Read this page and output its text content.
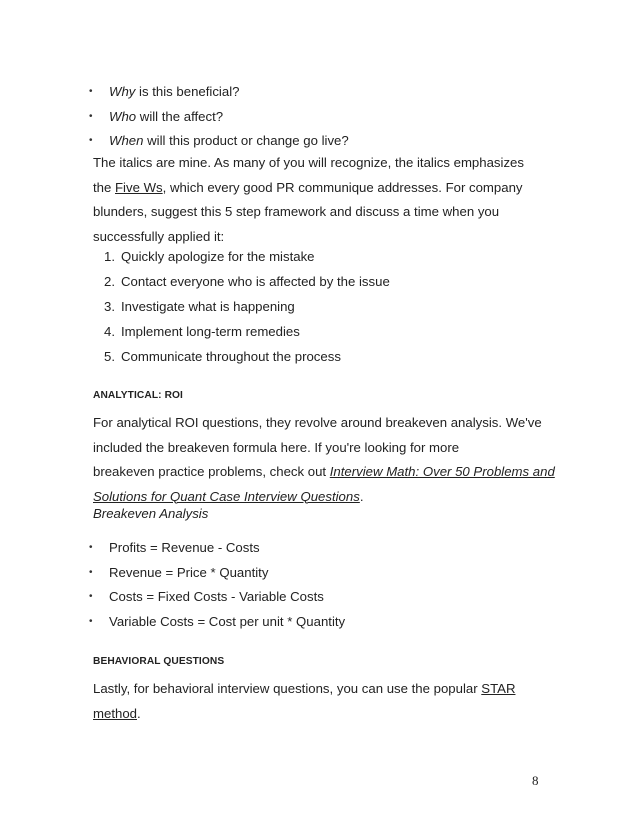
• Why is this beneficial?
• Who will the affect?
• When will this product or change go live?
The italics are mine. As many of you will recognize, the italics emphasizes
the Five Ws, which every good PR communique addresses. For company
blunders, suggest this 5 step framework and discuss a time when you
successfully applied it:
1. Quickly apologize for the mistake
2. Contact everyone who is affected by the issue
3. Investigate what is happening
4. Implement long-term remedies
5. Communicate throughout the process
ANALYTICAL: ROI
For analytical ROI questions, they revolve around breakeven analysis. We've
included the breakeven formula here. If you're looking for more
breakeven practice problems, check out Interview Math: Over 50 Problems and
Solutions for Quant Case Interview Questions.
Breakeven Analysis
• Profits = Revenue - Costs
• Revenue = Price * Quantity
• Costs = Fixed Costs - Variable Costs
• Variable Costs = Cost per unit * Quantity
BEHAVIORAL QUESTIONS
Lastly, for behavioral interview questions, you can use the popular STAR
method.
8
